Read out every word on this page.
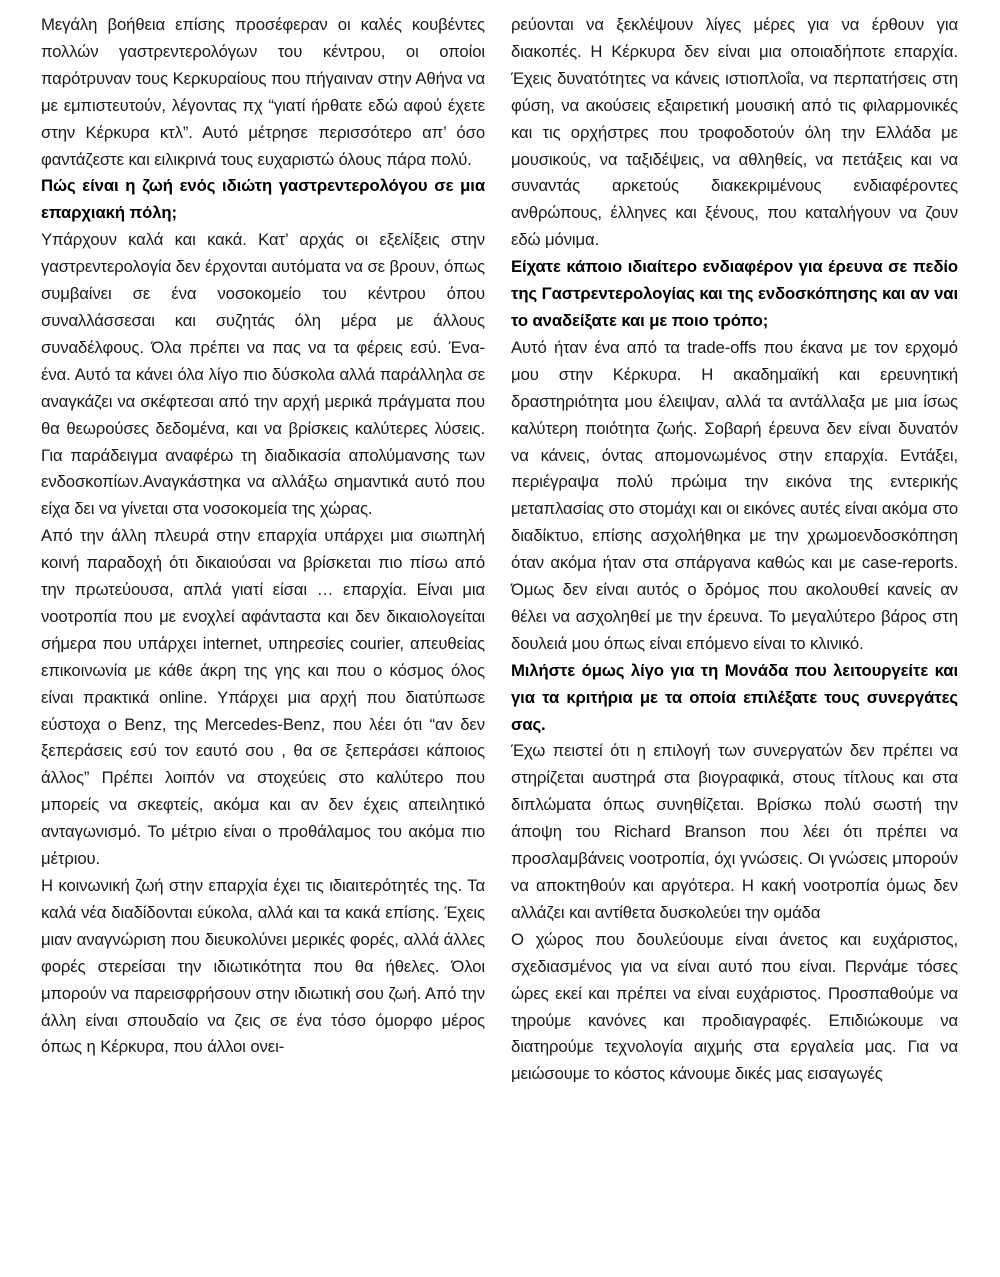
Μεγάλη βοήθεια επίσης προσέφεραν οι καλές κουβέντες πολλών γαστρεντερολόγων του κέντρου, οι οποίοι παρότρυναν τους Κερκυραίους που πήγαιναν στην Αθήνα να με εμπιστευτούν, λέγοντας πχ “γιατί ήρθατε εδώ αφού έχετε στην Κέρκυρα κτλ”. Αυτό μέτρησε περισσότερο απ’ όσο φαντάζεστε και ειλικρινά τους ευχαριστώ όλους πάρα πολύ.

Πώς είναι η ζωή ενός ιδιώτη γαστρεντερολόγου σε μια επαρχιακή πόλη;

Υπάρχουν καλά και κακά. Κατ’ αρχάς οι εξελίξεις στην γαστρεντερολογία δεν έρχονται αυτόματα να σε βρουν, όπως συμβαίνει σε ένα νοσοκομείο του κέντρου όπου συναλλάσσεσαι και συζητάς όλη μέρα με άλλους συναδέλφους. Όλα πρέπει να πας να τα φέρεις εσύ. Ένα-ένα. Αυτό τα κάνει όλα λίγο πιο δύσκολα αλλά παράλληλα σε αναγκάζει να σκέφτεσαι από την αρχή μερικά πράγματα που θα θεωρούσες δεδομένα, και να βρίσκεις καλύτερες λύσεις. Για παράδειγμα αναφέρω τη διαδικασία απολύμανσης των ενδοσκοπίων.Αναγκάστηκα να αλλάξω σημαντικά αυτό που είχα δει να γίνεται στα νοσοκομεία της χώρας.

Από την άλλη πλευρά στην επαρχία υπάρχει μια σιωπηλή κοινή παραδοχή ότι δικαιούσαι να βρίσκεται πιο πίσω από την πρωτεύουσα, απλά γιατί είσαι … επαρχία. Είναι μια νοοτροπία που με ενοχλεί αφάνταστα και δεν δικαιολογείται σήμερα που υπάρχει internet, υπηρεσίες courier, απευθείας επικοινωνία με κάθε άκρη της γης και που ο κόσμος όλος είναι πρακτικά online. Υπάρχει μια αρχή που διατύπωσε εύστοχα ο Benz, της Mercedes-Benz, που λέει ότι “αν δεν ξεπεράσεις εσύ τον εαυτό σου , θα σε ξεπεράσει κάποιος άλλος” Πρέπει λοιπόν να στοχεύεις στο καλύτερο που μπορείς να σκεφτείς, ακόμα και αν δεν έχεις απειλητικό ανταγωνισμό. Το μέτριο είναι ο προθάλαμος του ακόμα πιο μέτριου.

Η κοινωνική ζωή στην επαρχία έχει τις ιδιαιτερότητές της. Τα καλά νέα διαδίδονται εύκολα, αλλά και τα κακά επίσης. Έχεις μιαν αναγνώριση που διευκολύνει μερικές φορές, αλλά άλλες φορές στερείσαι την ιδιωτικότητα που θα ήθελες. Όλοι μπορούν να παρεισφρήσουν στην ιδιωτική σου ζωή. Από την άλλη είναι σπουδαίο να ζεις σε ένα τόσο όμορφο μέρος όπως η Κέρκυρα, που άλλοι ονει-

ρεύονται να ξεκλέψουν λίγες μέρες για να έρθουν για διακοπές. Η Κέρκυρα δεν είναι μια οποιαδήποτε επαρχία. Έχεις δυνατότητες να κάνεις ιστιοπλοΐα, να περπατήσεις στη φύση, να ακούσεις εξαιρετική μουσική από τις φιλαρμονικές και τις ορχήστρες που τροφοδοτούν όλη την Ελλάδα με μουσικούς, να ταξιδέψεις, να αθληθείς, να πετάξεις και να συναντάς αρκετούς διακεκριμένους ενδιαφέροντες ανθρώπους, έλληνες και ξένους, που καταλήγουν να ζουν εδώ μόνιμα.

Είχατε κάποιο ιδιαίτερο ενδιαφέρον για έρευνα σε πεδίο της Γαστρεντερολογίας και της ενδοσκόπησης και αν ναι το αναδείξατε και με ποιο τρόπο;

Αυτό ήταν ένα από τα trade-offs που έκανα με τον ερχομό μου στην Κέρκυρα. Η ακαδημαϊκή και ερευνητική δραστηριότητα μου έλειψαν, αλλά τα αντάλλαξα με μια ίσως καλύτερη ποιότητα ζωής. Σοβαρή έρευνα δεν είναι δυνατόν να κάνεις, όντας απομονωμένος στην επαρχία. Εντάξει, περιέγραψα πολύ πρώιμα την εικόνα της εντερικής μεταπλασίας στο στομάχι και οι εικόνες αυτές είναι ακόμα στο διαδίκτυο, επίσης ασχολήθηκα με την χρωμοενδοσκόπηση όταν ακόμα ήταν στα σπάργανα καθώς και με case-reports. Όμως δεν είναι αυτός ο δρόμος που ακολουθεί κανείς αν θέλει να ασχοληθεί με την έρευνα. Το μεγαλύτερο βάρος στη δουλειά μου όπως είναι επόμενο είναι το κλινικό.

Μιλήστε όμως λίγο για τη Μονάδα που λειτουργείτε και για τα κριτήρια με τα οποία επιλέξατε τους συνεργάτες σας.

Έχω πειστεί ότι η επιλογή των συνεργατών δεν πρέπει να στηρίζεται αυστηρά στα βιογραφικά, στους τίτλους και στα διπλώματα όπως συνηθίζεται. Βρίσκω πολύ σωστή την άποψη του Richard Branson που λέει ότι πρέπει να προσλαμβάνεις νοοτροπία, όχι γνώσεις. Οι γνώσεις μπορούν να αποκτηθούν και αργότερα. Η κακή νοοτροπία όμως δεν αλλάζει και αντίθετα δυσκολεύει την ομάδα

Ο χώρος που δουλεύουμε είναι άνετος και ευχάριστος, σχεδιασμένος για να είναι αυτό που είναι. Περνάμε τόσες ώρες εκεί και πρέπει να είναι ευχάριστος. Προσπαθούμε να τηρούμε κανόνες και προδιαγραφές. Επιδιώκουμε να διατηρούμε τεχνολογία αιχμής στα εργαλεία μας. Για να μειώσουμε το κόστος κάνουμε δικές μας εισαγωγές
